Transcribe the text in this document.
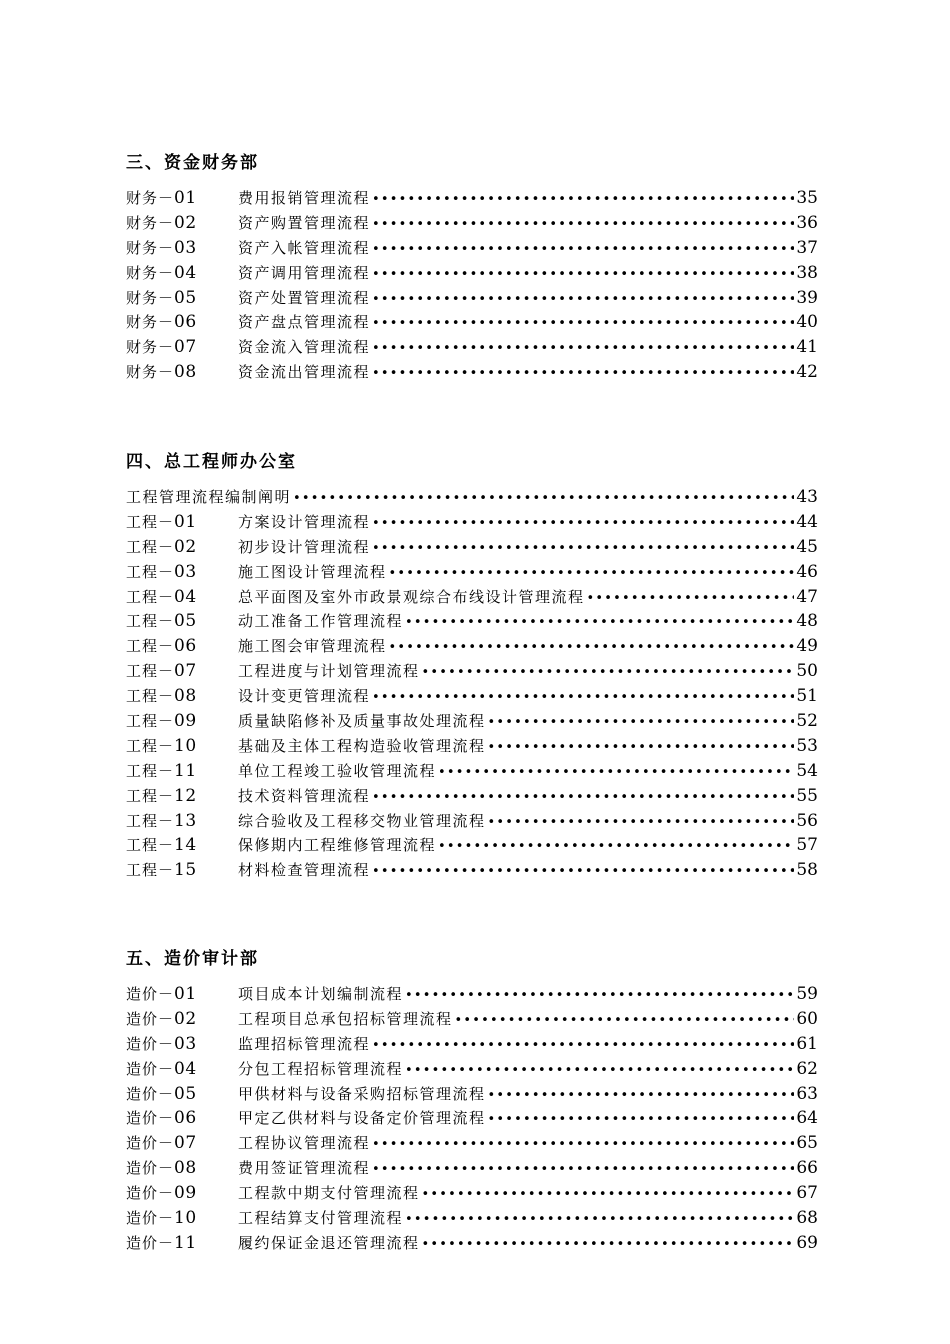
三、资金财务部
财务－01	费用报销管理流程 •••••	35
财务－02	资产购置管理流程 •••••	36
财务－03	资产入帐管理流程 •••••	37
财务－04	资产调用管理流程 •••••	38
财务－05	资产处置管理流程 •••••	39
财务－06	资产盘点管理流程 •••••	40
财务－07	资金流入管理流程 •••••	41
财务－08	资金流出管理流程 •••••	42
四、总工程师办公室
工程管理流程编制阐明 •••••	43
工程－01	方案设计管理流程 •••••	44
工程－02	初步设计管理流程 •••••	45
工程－03	施工图设计管理流程 •••••	46
工程－04	总平面图及室外市政景观综合布线设计管理流程 •••••	47
工程－05	动工准备工作管理流程 •••••	48
工程－06	施工图会审管理流程 •••••	49
工程－07	工程进度与计划管理流程 •••••	50
工程－08	设计变更管理流程 •••••	51
工程－09	质量缺陷修补及质量事故处理流程 •••••	52
工程－10	基础及主体工程构造验收管理流程 •••••	53
工程－11	单位工程竣工验收管理流程 •••••	54
工程－12	技术资料管理流程 •••••	55
工程－13	综合验收及工程移交物业管理流程 •••••	56
工程－14	保修期内工程维修管理流程 •••••	57
工程－15	材料检查管理流程 •••••	58
五、造价审计部
造价－01	项目成本计划编制流程 •••••	59
造价－02	工程项目总承包招标管理流程 •••••	60
造价－03	监理招标管理流程 •••••	61
造价－04	分包工程招标管理流程 •••••	62
造价－05	甲供材料与设备采购招标管理流程 •••••	63
造价－06	甲定乙供材料与设备定价管理流程 •••••	64
造价－07	工程协议管理流程 •••••	65
造价－08	费用签证管理流程 •••••	66
造价－09	工程款中期支付管理流程 •••••	67
造价－10	工程结算支付管理流程 •••••	68
造价－11	履约保证金退还管理流程 •••••	69
